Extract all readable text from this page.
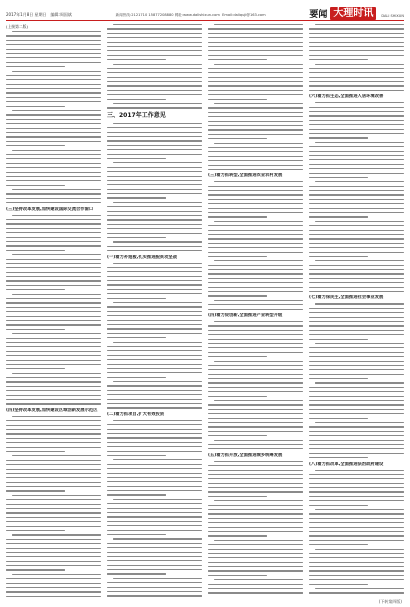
2017年1月8日 星期日 编辑:周国斌	新闻热线:2121710 15877208880 网址:www.dalishixun.com Email:daliquji@163.com	要闻 大理时讯	DALI SHIXUN
(上接第二版)
(三)坚持改革发展,加快建设国际交流合作窗口
(四)坚持改革发展,加快建设区域创新发展示范区
三、2017年工作意见
(一)着力补短板,扎实推进脱贫攻坚战
(二)着力抓项目,扩大有效投资
(三)着力抓转型,全面推进农业农村发展
(四)着力促创新,全面推进产业转型升级
(五)着力抓开放,全面推进城乡统筹发展
(六)着力抓生态,全面推进人居环境改善
(七)着力保民生,全面推进社会事业发展
(八)着力抓改革,全面推进法治政府建设
(下转第四版)
